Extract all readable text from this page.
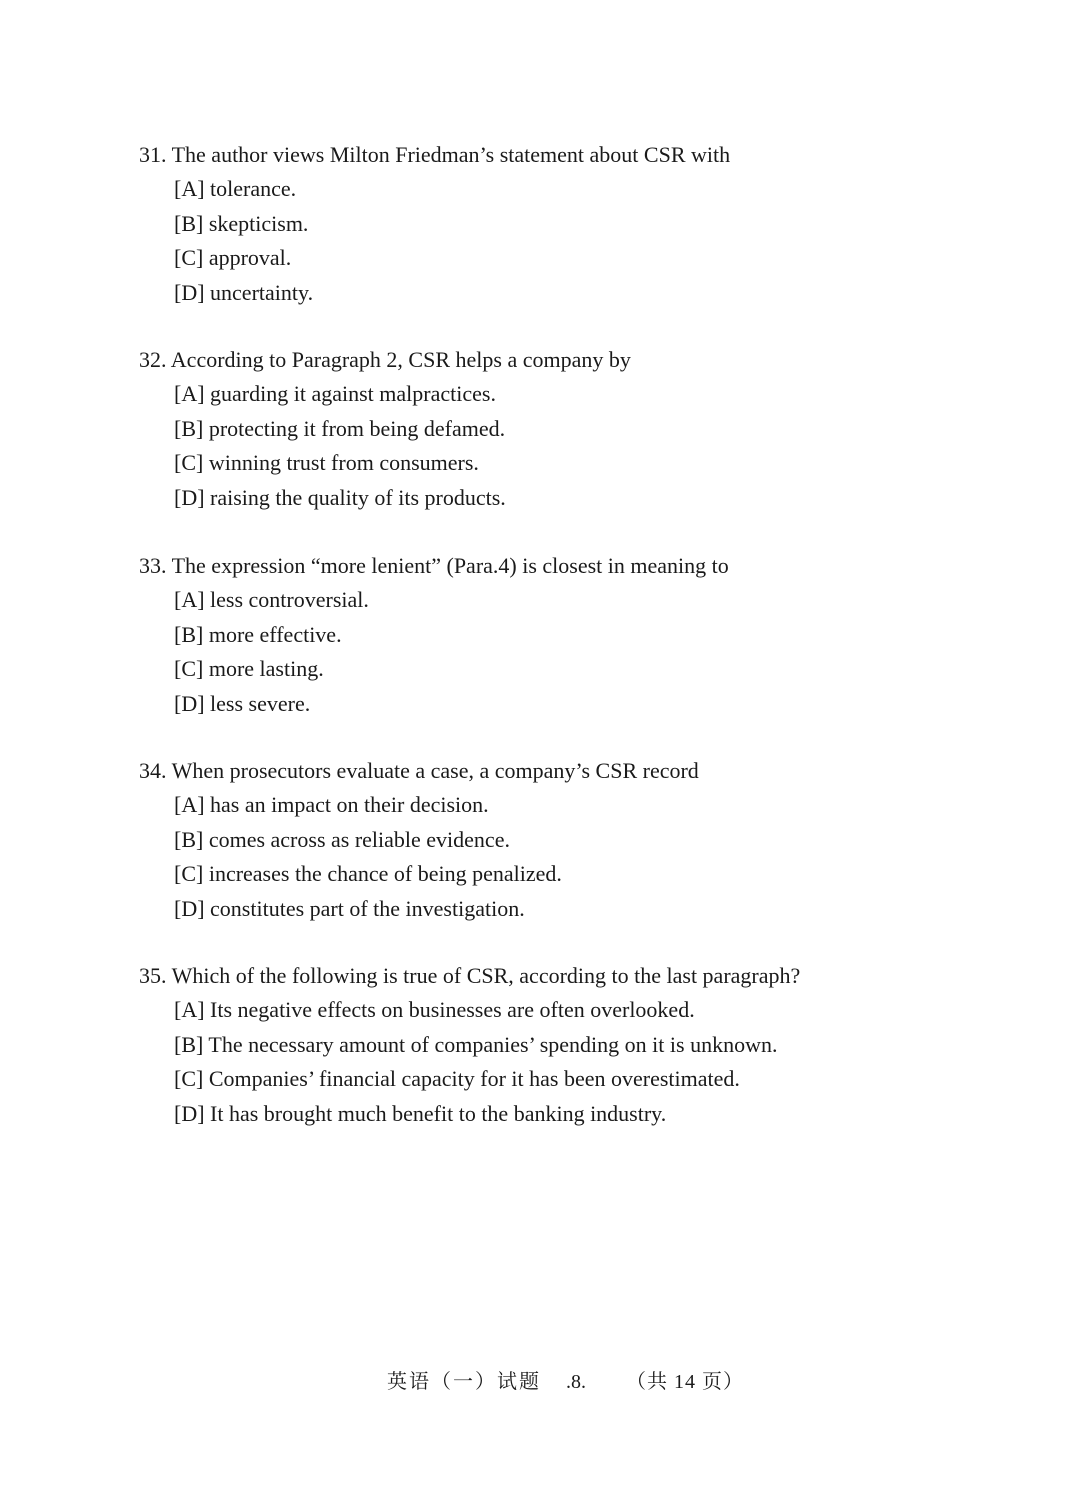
31. The author views Milton Friedman’s statement about CSR with
[A] tolerance.
[B] skepticism.
[C] approval.
[D] uncertainty.
32. According to Paragraph 2, CSR helps a company by
[A] guarding it against malpractices.
[B] protecting it from being defamed.
[C] winning trust from consumers.
[D] raising the quality of its products.
33. The expression “more lenient” (Para.4) is closest in meaning to
[A] less controversial.
[B] more effective.
[C] more lasting.
[D] less severe.
34. When prosecutors evaluate a case, a company’s CSR record
[A] has an impact on their decision.
[B] comes across as reliable evidence.
[C] increases the chance of being penalized.
[D] constitutes part of the investigation.
35. Which of the following is true of CSR, according to the last paragraph?
[A] Its negative effects on businesses are often overlooked.
[B] The necessary amount of companies’ spending on it is unknown.
[C] Companies’ financial capacity for it has been overestimated.
[D] It has brought much benefit to the banking industry.
英语（一）试题 .8. （共 14 页）
